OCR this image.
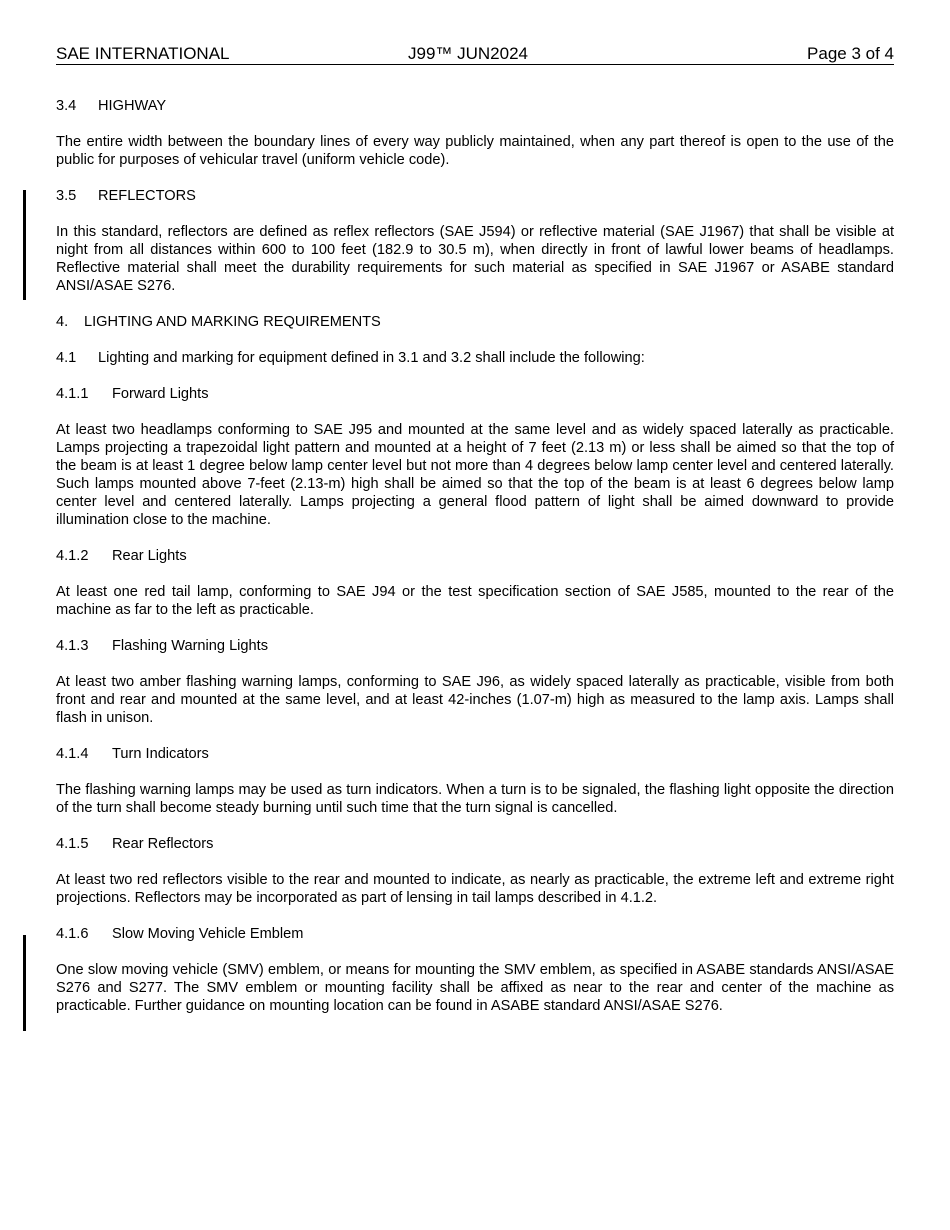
SAE INTERNATIONAL	J99™ JUN2024	Page 3 of 4
3.4 HIGHWAY
The entire width between the boundary lines of every way publicly maintained, when any part thereof is open to the use of the public for purposes of vehicular travel (uniform vehicle code).
3.5 REFLECTORS
In this standard, reflectors are defined as reflex reflectors (SAE J594) or reflective material (SAE J1967) that shall be visible at night from all distances within 600 to 100 feet (182.9 to 30.5 m), when directly in front of lawful lower beams of headlamps. Reflective material shall meet the durability requirements for such material as specified in SAE J1967 or ASABE standard ANSI/ASAE S276.
4. LIGHTING AND MARKING REQUIREMENTS
4.1 Lighting and marking for equipment defined in 3.1 and 3.2 shall include the following:
4.1.1 Forward Lights
At least two headlamps conforming to SAE J95 and mounted at the same level and as widely spaced laterally as practicable. Lamps projecting a trapezoidal light pattern and mounted at a height of 7 feet (2.13 m) or less shall be aimed so that the top of the beam is at least 1 degree below lamp center level but not more than 4 degrees below lamp center level and centered laterally. Such lamps mounted above 7-feet (2.13-m) high shall be aimed so that the top of the beam is at least 6 degrees below lamp center level and centered laterally. Lamps projecting a general flood pattern of light shall be aimed downward to provide illumination close to the machine.
4.1.2 Rear Lights
At least one red tail lamp, conforming to SAE J94 or the test specification section of SAE J585, mounted to the rear of the machine as far to the left as practicable.
4.1.3 Flashing Warning Lights
At least two amber flashing warning lamps, conforming to SAE J96, as widely spaced laterally as practicable, visible from both front and rear and mounted at the same level, and at least 42-inches (1.07-m) high as measured to the lamp axis. Lamps shall flash in unison.
4.1.4 Turn Indicators
The flashing warning lamps may be used as turn indicators. When a turn is to be signaled, the flashing light opposite the direction of the turn shall become steady burning until such time that the turn signal is cancelled.
4.1.5 Rear Reflectors
At least two red reflectors visible to the rear and mounted to indicate, as nearly as practicable, the extreme left and extreme right projections. Reflectors may be incorporated as part of lensing in tail lamps described in 4.1.2.
4.1.6 Slow Moving Vehicle Emblem
One slow moving vehicle (SMV) emblem, or means for mounting the SMV emblem, as specified in ASABE standards ANSI/ASAE S276 and S277. The SMV emblem or mounting facility shall be affixed as near to the rear and center of the machine as practicable. Further guidance on mounting location can be found in ASABE standard ANSI/ASAE S276.
